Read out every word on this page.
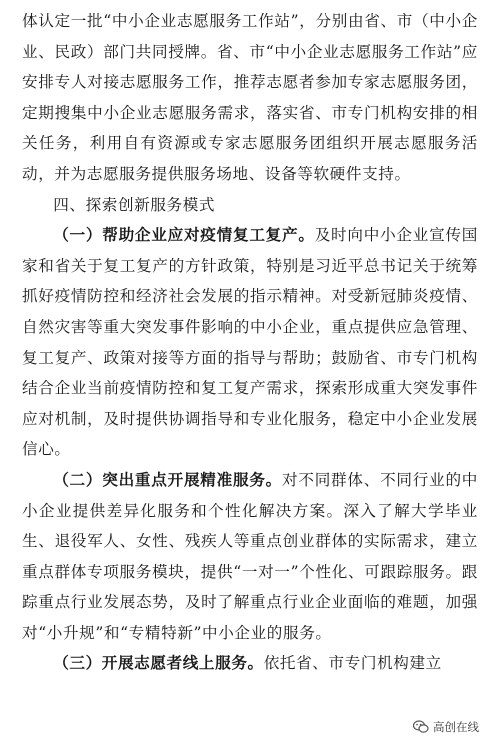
体认定一批“中小企业志愿服务工作站”，分别由省、市（中小企业、民政）部门共同授牌。省、市“中小企业志愿服务工作站”应安排专人对接志愿服务工作，推荐志愿者参加专家志愿服务团，定期搜集中小企业志愿服务需求，落实省、市专门机构安排的相关任务，利用自有资源或专家志愿服务团组织开展志愿服务活动，并为志愿服务提供服务场地、设备等软硬件支持。

四、探索创新服务模式

（一）帮助企业应对疫情复工复产。及时向中小企业宣传国家和省关于复工复产的方针政策，特别是习近平总书记关于统筹抓好疫情防控和经济社会发展的指示精神。对受新冠肺炎疫情、自然灾害等重大突发事件影响的中小企业，重点提供应急管理、复工复产、政策对接等方面的指导与帮助；鼓励省、市专门机构结合企业当前疫情防控和复工复产需求，探索形成重大突发事件应对机制，及时提供协调指导和专业化服务，稳定中小企业发展信心。

（二）突出重点开展精准服务。对不同群体、不同行业的中小企业提供差异化服务和个性化解决方案。深入了解大学毕业生、退役军人、女性、残疾人等重点创业群体的实际需求，建立重点群体专项服务模块，提供“一对一”个性化、可跟踪服务。跟踪重点行业发展态势，及时了解重点行业企业面临的难题，加强对“小升规”和“专精特新”中小企业的服务。

（三）开展志愿者线上服务。依托省、市专门机构建立

高创在线
